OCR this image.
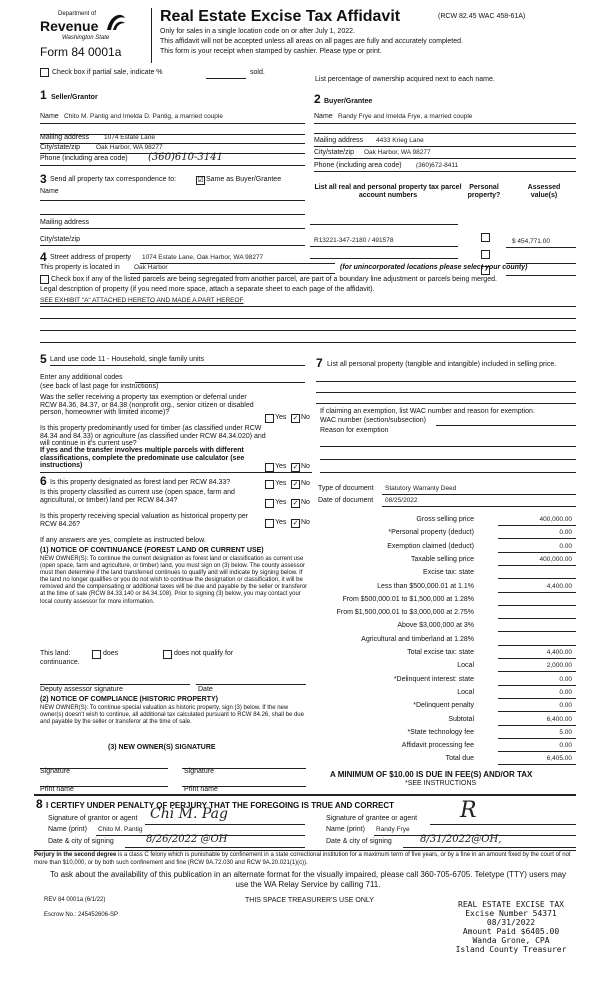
Department of
Revenue
Washington State
Form 84 0001a
Real Estate Excise Tax Affidavit	(RCW 82.45 WAC 458-61A)
Only for sales in a single location code on or after July 1, 2022.
This affidavit will not be accepted unless all areas on all pages are fully and accurately completed.
This form is your receipt when stamped by cashier. Please type or print.
Check box if partial sale, indicate %	sold.
List percentage of ownership acquired next to each name.
1 Seller/Grantor
Name Chito M. Pantig and Imelda D. Pantig, a married couple
Mailing address 1074 Estate Lane
City/state/zip Oak Harbor, WA 98277
Phone (including area code) (360)610-3141
2 Buyer/Grantee
Name Randy Frye and Imelda Frye, a married couple
Mailing address 4433 Krieg Lane
City/state/zip Oak Harbor, WA 98277
Phone (including area code) (360)672-8411
3 Send all property tax correspondence to:	☑ Same as Buyer/Grantee
Name
Mailing address
City/state/zip
List all real and personal property tax parcel account numbers
Personal property?
Assessed value(s)
R13221-347-2180 / 491578	$ 454,771.00
4 Street address of property 1074 Estate Lane, Oak Harbor, WA 98277
This property is located in Oak Harbor	(for unincorporated locations please select your county)
Check box if any of the listed parcels are being segregated from another parcel, are part of a boundary line adjustment or parcels being merged.
Legal description of property (if you need more space, attach a separate sheet to each page of the affidavit).
SEE EXHIBIT "A" ATTACHED HERETO AND MADE A PART HEREOF
5 Land use code 11 - Household, single family units
Enter any additional codes
(see back of last page for instructions)
Was the seller receiving a property tax exemption or deferral under RCW 84.36, 84.37, or 84.38 (nonprofit org., senior citizen or disabled person, homeowner with limited income)?
Yes ✓ No
Is this property predominantly used for timber (as classified under RCW 84.34 and 84.33) or agriculture (as classified under RCW 84.34.020) and will continue in it's current use?
If yes and the transfer involves multiple parcels with different classifications, complete the predominate use calculator (see instructions)	Yes ✓ No
6 Is this property designated as forest land per RCW 84.33?	Yes ✓ No
Is this property classified as current use (open space, farm and agricultural, or timber) land per RCW 84.34?	Yes ✓ No
Is this property receiving special valuation as historical property per RCW 84.26?	Yes ✓ No
If any answers are yes, complete as instructed below.
(1) NOTICE OF CONTINUANCE (FOREST LAND OR CURRENT USE)
NEW OWNER(S): To continue the current designation as forest land or classification as current use (open space, farm and agriculture, or timber) land, you must sign on (3) below. The county assessor must then determine if the land transferred continues to qualify and will indicate by signing below. If the land no longer qualifies or you do not wish to continue the designation or classification, it will be removed and the compensating or additional taxes will be due and payable by the seller or transferor at the time of sale (RCW 84.33.140 or 84.34.108). Prior to signing (3) below, you may contact your local county assessor for more information.
This land:	does	does not qualify for
continuance.
Deputy assessor signature	Date
(2) NOTICE OF COMPLIANCE (HISTORIC PROPERTY)
NEW OWNER(S): To continue special valuation as historic property, sign (3) below. If the new owner(s) doesn't wish to continue, all additional tax calculated pursuant to RCW 84.26, shall be due and payable by the seller or transferor at the time of sale.
(3) NEW OWNER(S) SIGNATURE
Signature	Signature
Print name	Print name
7 List all personal property (tangible and intangible) included in selling price.
If claiming an exemption, list WAC number and reason for exemption.
WAC number (section/subsection)
Reason for exemption
Type of document Statutory Warranty Deed
Date of document 08/25/2022
Gross selling price	400,000.00
*Personal property (deduct)	0.00
Exemption claimed (deduct)	0.00
Taxable selling price	400,000.00
Excise tax: state
Less than $500,000.01 at 1.1%	4,400.00
From $500,000.01 to $1,500,000 at 1.28%
From $1,500,000.01 to $3,000,000 at 2.75%
Above $3,000,000 at 3%
Agricultural and timberland at 1.28%
Total excise tax: state	4,400.00
Local	2,000.00
*Delinquent interest: state	0.00
Local	0.00
*Delinquent penalty	0.00
Subtotal	6,400.00
*State technology fee	5.00
Affidavit processing fee	0.00
Total due	6,405.00
A MINIMUM OF $10.00 IS DUE IN FEE(S) AND/OR TAX
*SEE INSTRUCTIONS
8 I CERTIFY UNDER PENALTY OF PERJURY THAT THE FOREGOING IS TRUE AND CORRECT
Signature of grantor or agent Chi M. Pag
Name (print) Chito M. Pantig
Date & city of signing	8/26/2022 @OH
Signature of grantee or agent R
Name (print) Randy Frye
Date & city of signing	8/31/2022@OH,
Perjury in the second degree is a class C felony which is punishable by confinement in a state correctional institution for a maximum term of five years, or by a fine in an amount fixed by the court of not more than $10,000, or by both such confinement and fine (RCW 9A.72.030 and RCW 9A.20.021(1)(c)).
To ask about the availability of this publication in an alternate format for the visually impaired, please call 360-705-6705. Teletype (TTY) users may use the WA Relay Service by calling 711.
REV 84 0001a (6/1/22)
Escrow No.: 245452606-SP
THIS SPACE TREASURER'S USE ONLY	REAL ESTATE EXCISE TAX
Excise Number 54371
08/31/2022
Amount Paid $6405.00
Wanda Grone, CPA
Island County Treasurer
